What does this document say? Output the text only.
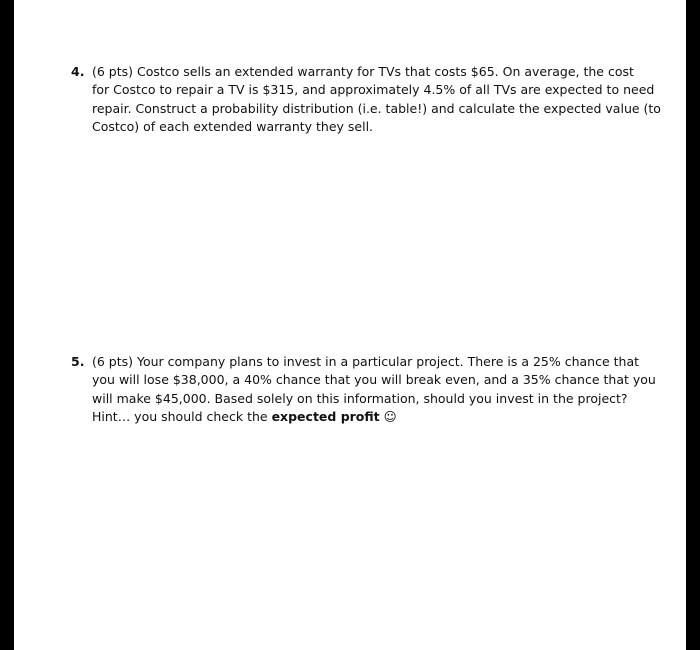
4. (6 pts) Costco sells an extended warranty for TVs that costs $65. On average, the cost
for Costco to repair a TV is $315, and approximately 4.5% of all TVs are expected to need
repair. Construct a probability distribution (i.e. table!) and calculate the expected value (to
Costco) of each extended warranty they sell.
5. (6 pts) Your company plans to invest in a particular project. There is a 25% chance that
you will lose $38,000, a 40% chance that you will break even, and a 35% chance that you
will make $45,000. Based solely on this information, should you invest in the project?
Hint… you should check the expected profit ☺
